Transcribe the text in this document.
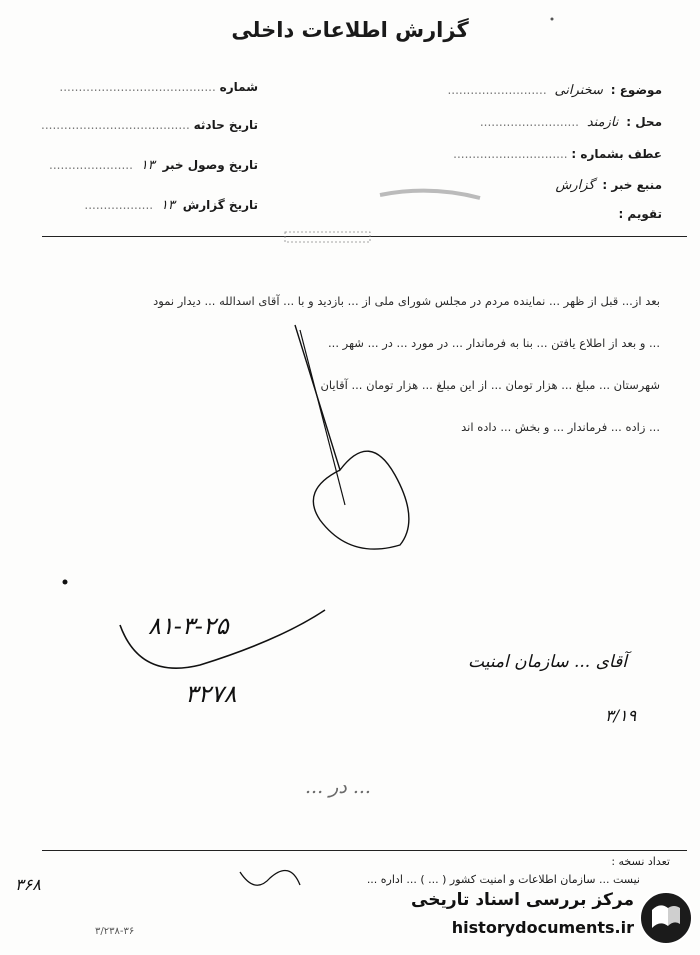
گزارش اطلاعات داخلی
موضوع : سخنرانی ..........................
محل : نازمند ..........................
عطف بشماره : ..............................
منبع خبر : گزارش
تقویم :
شماره .........................................
تاریخ حادثه .......................................
تاریخ وصول خبر ۱۳ ......................
تاریخ گزارش ۱۳ ..................
بعد از... قبل از ظهر ... نماینده مردم در مجلس شورای ملی از ... بازدید و با ... آقای اسدالله ... دیدار نمود
... و بعد از اطلاع یافتن ... بنا به فرماندار ... در مورد ... در ... شهر ...
شهرستان ... مبلغ ... هزار تومان ... از این مبلغ ... هزار تومان ... آقایان
... زاده ... فرماندار ... و بخش ... داده اند
۸۱-۳-۲۵
۳۲۷۸
آقای ... سازمان امنیت
۳/۱۹
... در ...
تعداد نسخه :
نیست ... سازمان اطلاعات و امنیت کشور ( ... ) ... اداره ...
۳۶۸
۳/۲۳۸-۳۶
مرکز بررسی اسناد تاریخی
historydocuments.ir
